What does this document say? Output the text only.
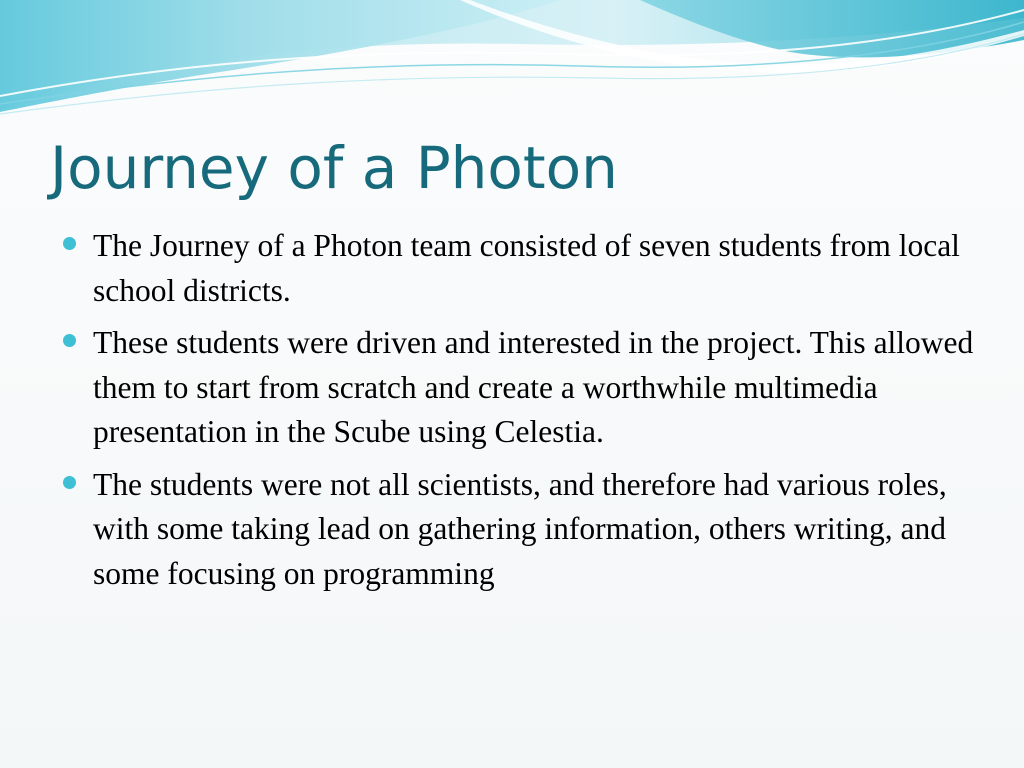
Journey of a Photon
The Journey of a Photon team consisted of seven students from local school districts.
These students were driven and interested in the project. This allowed them to start from scratch and create a worthwhile multimedia presentation in the Scube using Celestia.
The students were not all scientists, and therefore had various roles, with some taking lead on gathering information, others writing, and some focusing on programming
